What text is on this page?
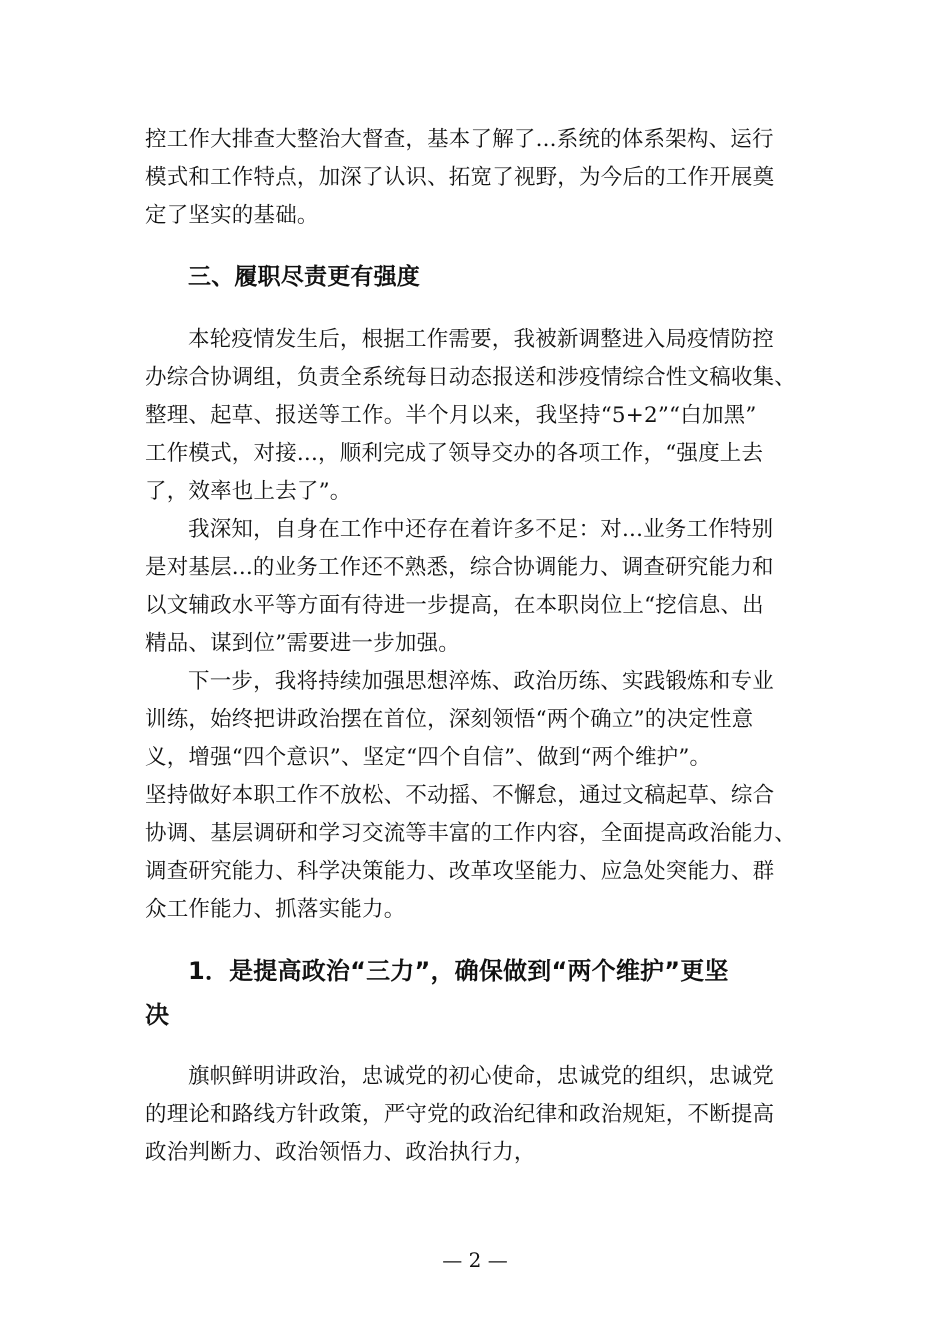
控工作大排查大整治大督查，基本了解了...系统的体系架构、运行
模式和工作特点，加深了认识、拓宽了视野，为今后的工作开展奠
定了坚实的基础。
三、履职尽责更有强度
本轮疫情发生后，根据工作需要，我被新调整进入局疫情防控
办综合协调组，负责全系统每日动态报送和涉疫情综合性文稿收集、
整理、起草、报送等工作。半个月以来，我坚持“5+2”“白加黑”
工作模式，对接...，顺利完成了领导交办的各项工作，“强度上去
了，效率也上去了”。
我深知，自身在工作中还存在着许多不足：对...业务工作特别
是对基层...的业务工作还不熟悉，综合协调能力、调查研究能力和
以文辅政水平等方面有待进一步提高，在本职岗位上“挖信息、出
精品、谋到位”需要进一步加强。
下一步，我将持续加强思想淬炼、政治历练、实践锻炼和专业
训练，始终把讲政治摆在首位，深刻领悟“两个确立”的决定性意
义，增强“四个意识”、坚定“四个自信”、做到“两个维护”。
坚持做好本职工作不放松、不动摇、不懈怠，通过文稿起草、综合
协调、基层调研和学习交流等丰富的工作内容，全面提高政治能力、
调查研究能力、科学决策能力、改革攻坚能力、应急处突能力、群
众工作能力、抓落实能力。
1．是提高政治“三力”，确保做到“两个维护”更坚
决
旗帜鲜明讲政治，忠诚党的初心使命，忠诚党的组织，忠诚党
的理论和路线方针政策，严守党的政治纪律和政治规矩，不断提高
政治判断力、政治领悟力、政治执行力，
— 2 —
